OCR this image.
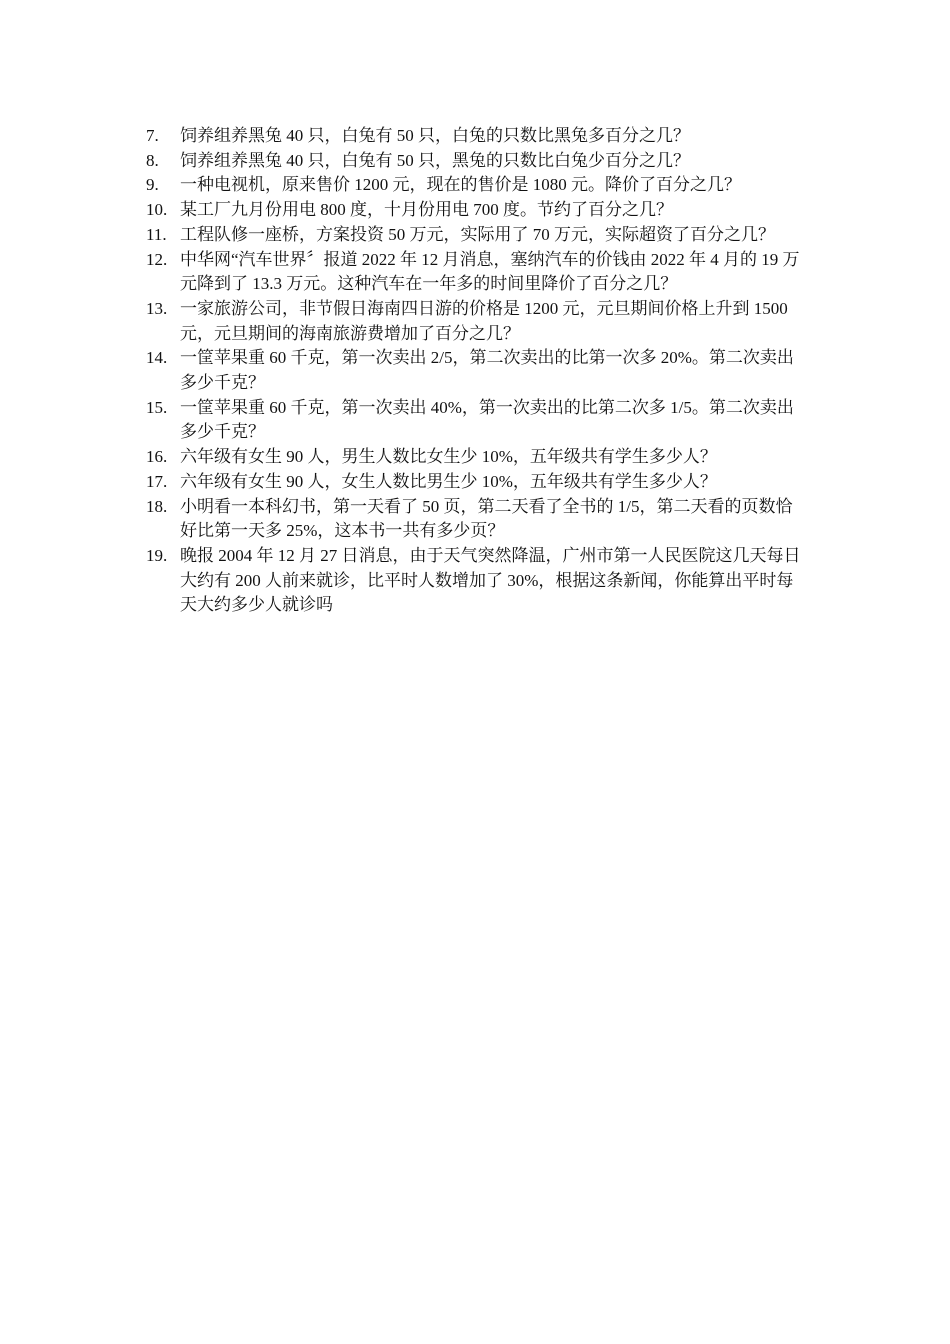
7.	饲养组养黑兔 40 只，白兔有 50 只，白兔的只数比黑兔多百分之几？
8.	饲养组养黑兔 40 只，白兔有 50 只，黑兔的只数比白兔少百分之几？
9.	一种电视机，原来售价 1200 元，现在的售价是 1080 元。降价了百分之几？
10. 某工厂九月份用电 800 度，十月份用电 700 度。节约了百分之几？
11. 工程队修一座桥，方案投资 50 万元，实际用了 70 万元，实际超资了百分之几？
12. 中华网“汽车世界〞报道 2022 年 12 月消息，塞纳汽车的价钱由 2022 年 4 月的 19 万元降到了 13.3 万元。这种汽车在一年多的时间里降价了百分之几？
13. 一家旅游公司，非节假日海南四日游的价格是 1200 元，元旦期间价格上升到 1500 元，元旦期间的海南旅游费增加了百分之几？
14. 一筐苹果重 60 千克，第一次卖出 2/5，第二次卖出的比第一次多 20%。第二次卖出多少千克？
15. 一筐苹果重 60 千克，第一次卖出 40%，第一次卖出的比第二次多 1/5。第二次卖出多少千克？
16. 六年级有女生 90 人，男生人数比女生少 10%，五年级共有学生多少人？
17. 六年级有女生 90 人，女生人数比男生少 10%，五年级共有学生多少人？
18. 小明看一本科幻书，第一天看了 50 页，第二天看了全书的 1/5，第二天看的页数恰好比第一天多 25%，这本书一共有多少页？
19. 晚报 2004 年 12 月 27 日消息，由于天气突然降温，广州市第一人民医院这几天每日大约有 200 人前来就诊，比平时人数增加了 30%，根据这条新闻，你能算出平时每天大约多少人就诊吗
